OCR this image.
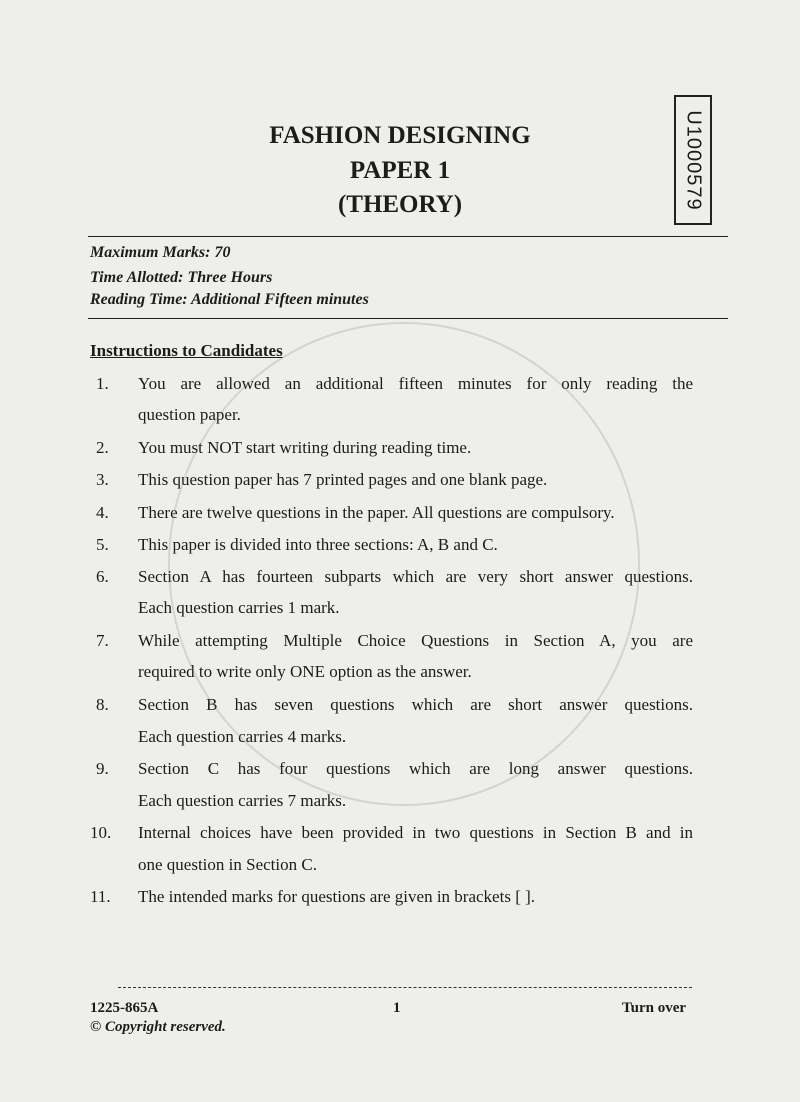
FASHION DESIGNING
PAPER 1
(THEORY)	U1000579
Maximum Marks: 70
Time Allotted: Three Hours
Reading Time: Additional Fifteen minutes
Instructions to Candidates
1. You are allowed an additional fifteen minutes for only reading the
question paper.
2. You must NOT start writing during reading time.
3. This question paper has 7 printed pages and one blank page.
4. There are twelve questions in the paper. All questions are compulsory.
5. This paper is divided into three sections: A, B and C.
6. Section A has fourteen subparts which are very short answer questions.
Each question carries 1 mark.
7. While attempting Multiple Choice Questions in Section A, you are
required to write only ONE option as the answer.
8. Section B has seven questions which are short answer questions.
Each question carries 4 marks.
9. Section C has four questions which are long answer questions.
Each question carries 7 marks.
10. Internal choices have been provided in two questions in Section B and in
one question in Section C.
11. The intended marks for questions are given in brackets [ ].
1225-865A	1	Turn over
© Copyright reserved.
